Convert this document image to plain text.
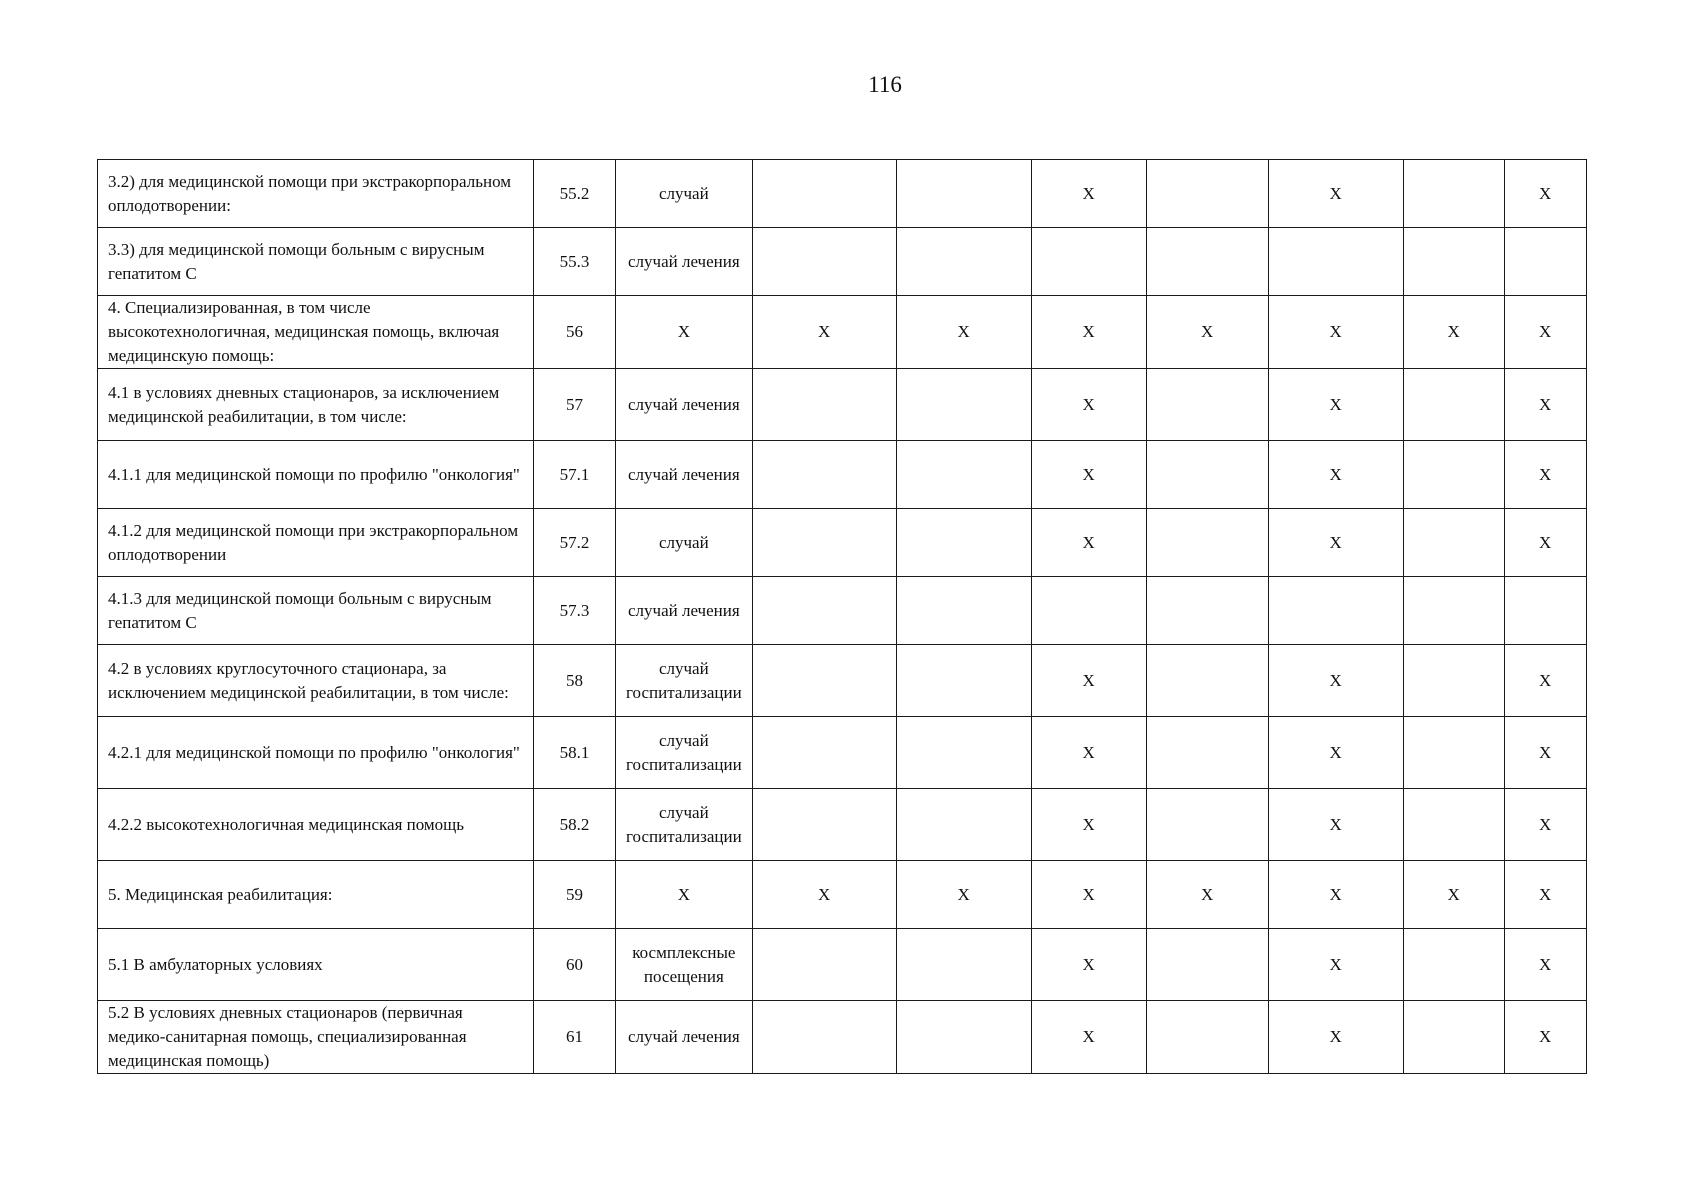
116
3.2) для медицинской помощи при экстракорпоральном оплодотворении:	55.2	случай			X		X		X
3.3) для медицинской помощи больным с вирусным гепатитом С	55.3	случай лечения							
4. Специализированная, в том числе высокотехнологичная, медицинская помощь, включая медицинскую помощь:	56	X	X	X	X	X	X	X	X
4.1 в условиях дневных стационаров, за исключением медицинской реабилитации, в том числе:	57	случай лечения			X		X		X
4.1.1 для медицинской помощи по профилю "онкология"	57.1	случай лечения			X		X		X
4.1.2 для медицинской помощи при экстракорпоральном оплодотворении	57.2	случай			X		X		X
4.1.3 для медицинской помощи больным с вирусным гепатитом С	57.3	случай лечения							
4.2 в условиях круглосуточного стационара, за исключением медицинской реабилитации, в том числе:	58	случай госпитализации			X		X		X
4.2.1 для медицинской помощи по профилю "онкология"	58.1	случай госпитализации			X		X		X
4.2.2 высокотехнологичная медицинская помощь	58.2	случай госпитализации			X		X		X
5. Медицинская реабилитация:	59	X	X	X	X	X	X	X	X
5.1 В амбулаторных условиях	60	космплексные посещения			X		X		X
5.2 В условиях дневных стационаров (первичная медико-санитарная помощь, специализированная медицинская помощь)	61	случай лечения			X		X		X
